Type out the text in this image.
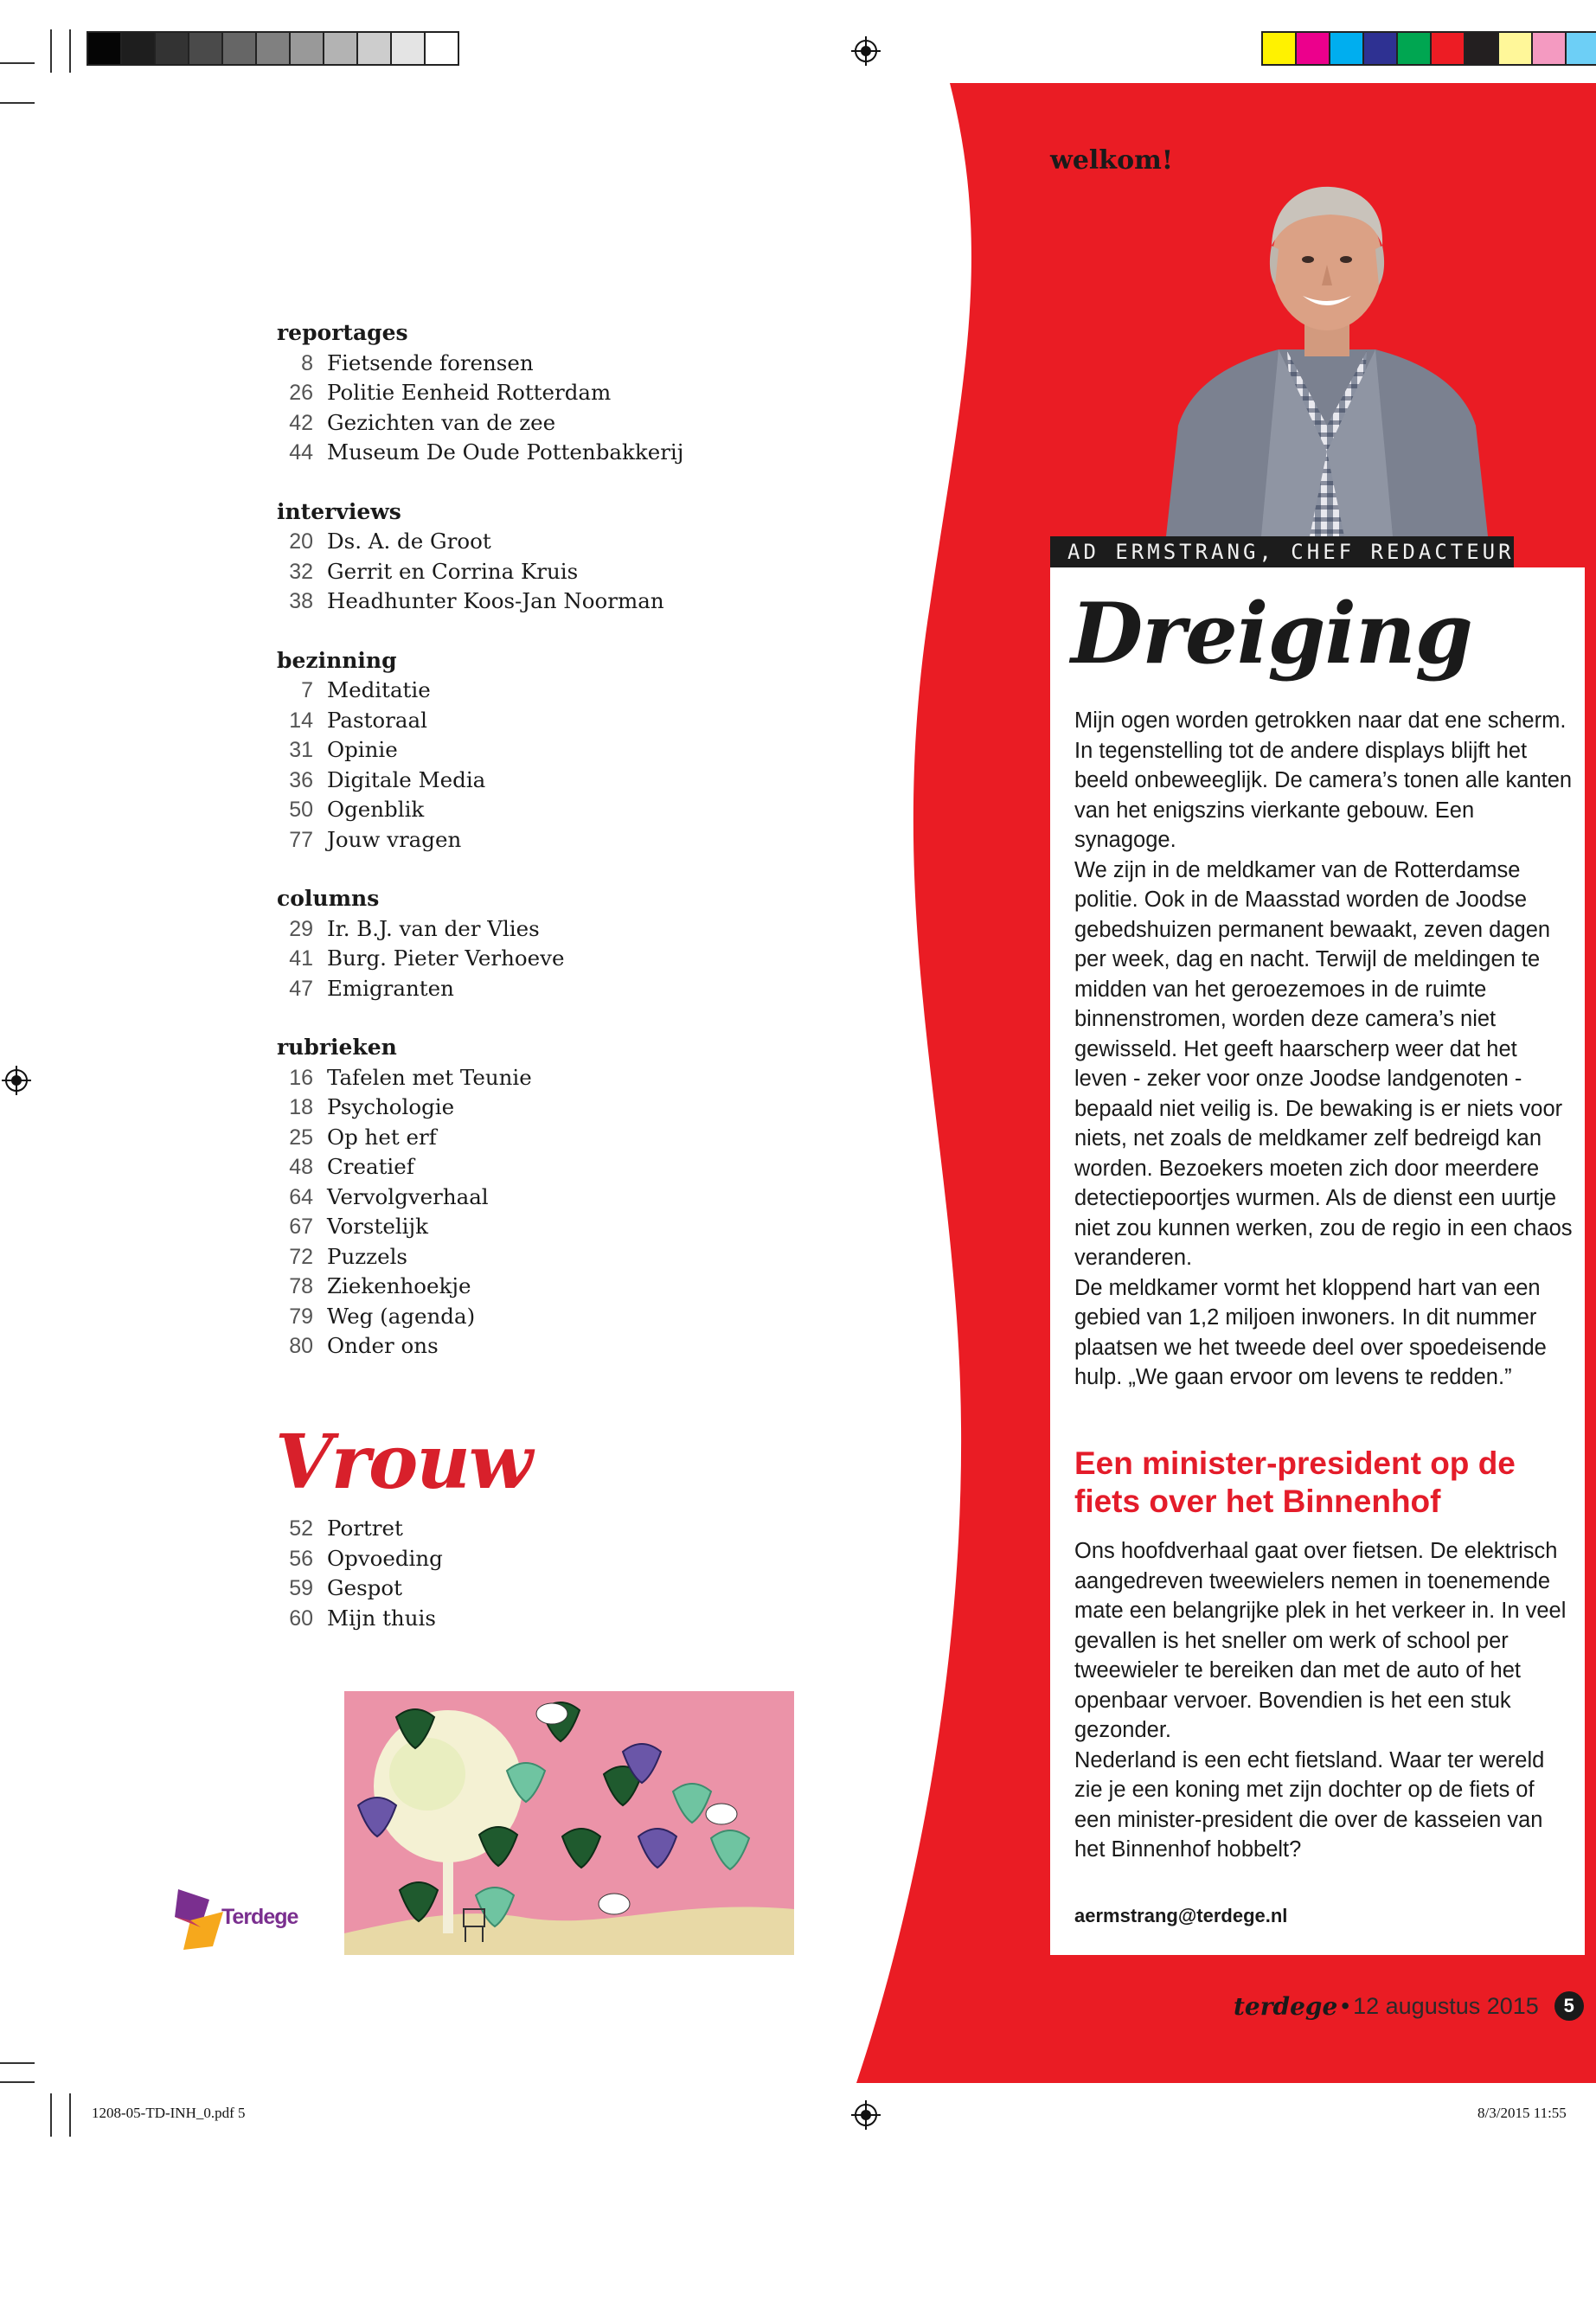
1208-05-TD-INH_0.pdf 5	8/3/2015 11:55
welkom!
AD ERMSTRANG, CHEF REDACTEUR
Dreiging

Mijn ogen worden getrokken naar dat ene scherm. In tegenstelling tot de andere displays blijft het beeld onbeweeglijk. De camera’s tonen alle kanten van het enigszins vierkante gebouw. Een synagoge.

We zijn in de meldkamer van de Rotterdamse politie. Ook in de Maasstad worden de Joodse gebedshuizen permanent bewaakt, zeven dagen per week, dag en nacht. Terwijl de meldingen te midden van het geroezemoes in de ruimte binnenstromen, worden deze camera’s niet gewisseld. Het geeft haarscherp weer dat het leven - zeker voor onze Joodse landgenoten - bepaald niet veilig is. De bewaking is er niets voor niets, net zoals de meldkamer zelf bedreigd kan worden. Bezoekers moeten zich door meerdere detectiepoortjes wurmen. Als de dienst een uurtje niet zou kunnen werken, zou de regio in een chaos veranderen.

De meldkamer vormt het kloppend hart van een gebied van 1,2 miljoen inwoners. In dit nummer plaatsen we het tweede deel over spoedeisende hulp. „We gaan ervoor om levens te redden.”

Een minister-president op de fiets over het Binnenhof

Ons hoofdverhaal gaat over fietsen. De elektrisch aangedreven tweewielers nemen in toenemende mate een belangrijke plek in het verkeer in. In veel gevallen is het sneller om werk of school per tweewieler te bereiken dan met de auto of het openbaar vervoer. Bovendien is het een stuk gezonder.

Nederland is een echt fietsland. Waar ter wereld zie je een koning met zijn dochter op de fiets of een minister-president die over de kasseien van het Binnenhof hobbelt?

aermstrang@terdege.nl
terdege • 12 augustus 2015	5
reportages
8 Fietsende forensen
26 Politie Eenheid Rotterdam
42 Gezichten van de zee
44 Museum De Oude Pottenbakkerij
interviews
20 Ds. A. de Groot
32 Gerrit en Corrina Kruis
38 Headhunter Koos-Jan Noorman
bezinning
7 Meditatie
14 Pastoraal
31 Opinie
36 Digitale Media
50 Ogenblik
77 Jouw vragen
columns
29 Ir. B.J. van der Vlies
41 Burg. Pieter Verhoeve
47 Emigranten
rubrieken
16 Tafelen met Teunie
18 Psychologie
25 Op het erf
48 Creatief
64 Vervolgverhaal
67 Vorstelijk
72 Puzzels
78 Ziekenhoekje
79 Weg (agenda)
80 Onder ons
Vrouw
52 Portret
56 Opvoeding
59 Gespot
60 Mijn thuis
Terdege
